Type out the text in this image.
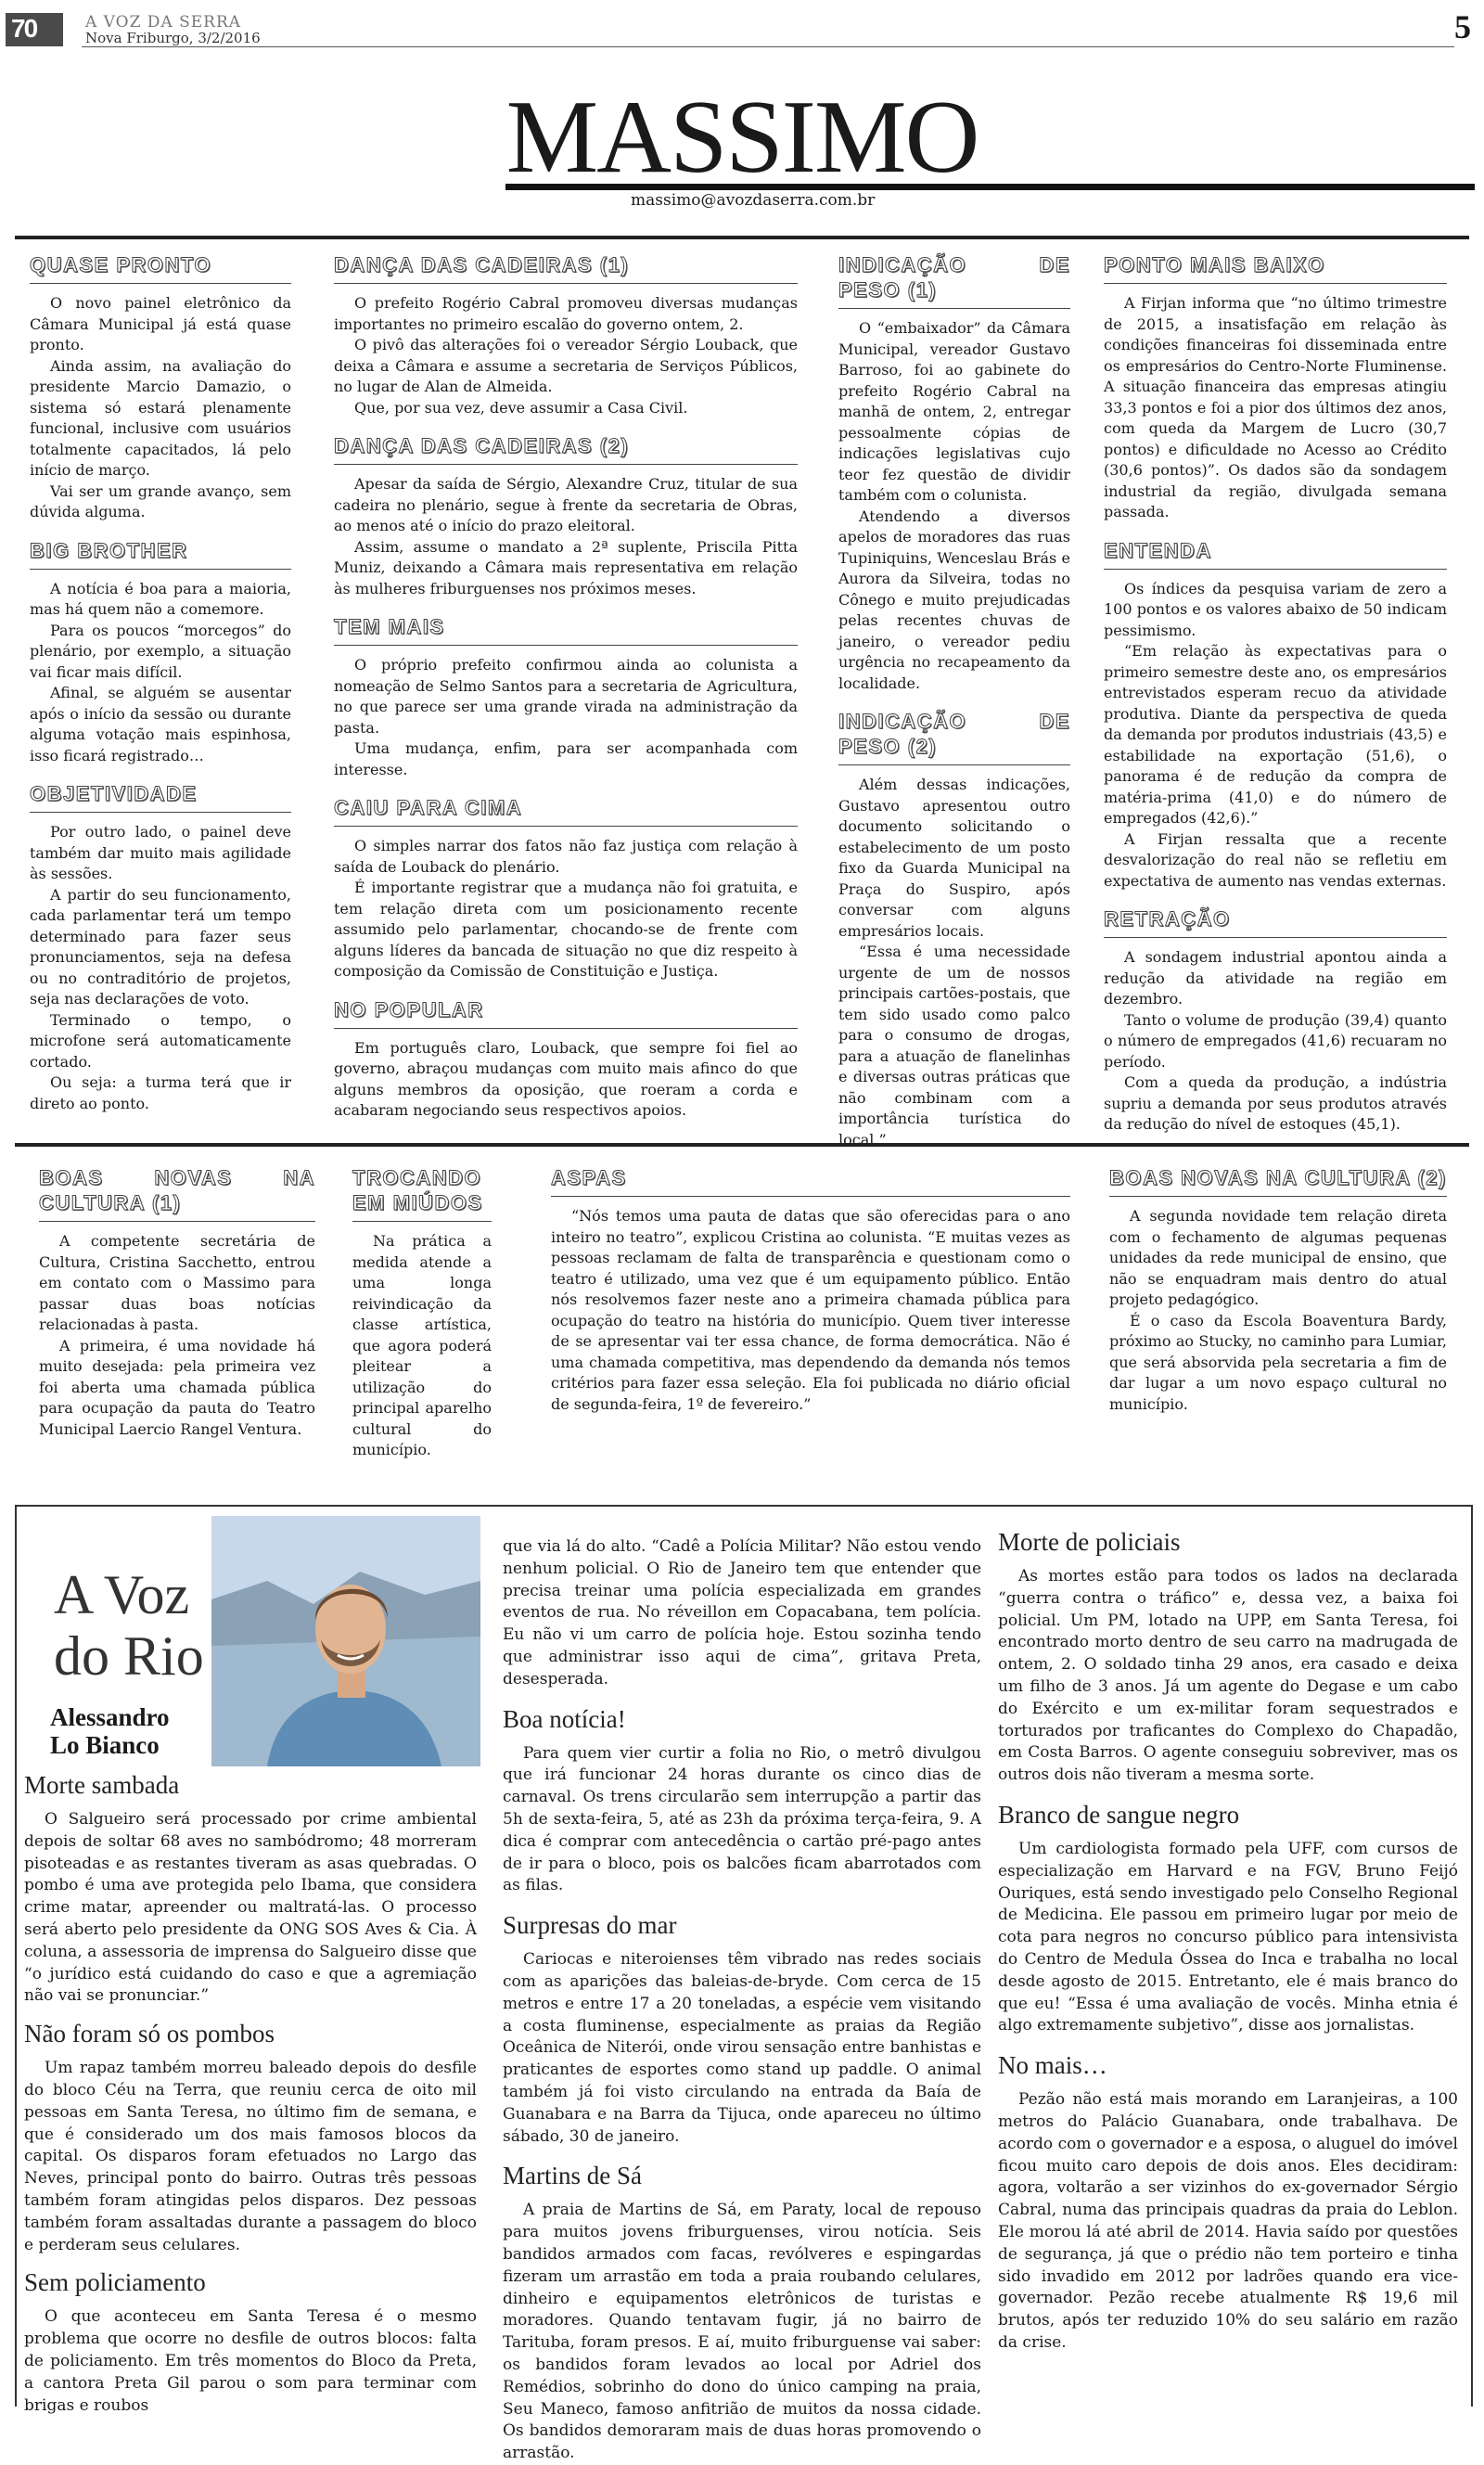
70	A VOZ DA SERRA
Nova Friburgo, 3/2/2016	5
MASSIMO
massimo@avozdaserra.com.br
QUASE PRONTO

O novo painel eletrônico da Câmara Municipal já está quase pronto.

Ainda assim, na avaliação do presidente Marcio Damazio, o sistema só estará plenamente funcional, inclusive com usuários totalmente capacitados, lá pelo início de março.

Vai ser um grande avanço, sem dúvida alguma.

BIG BROTHER

A notícia é boa para a maioria, mas há quem não a comemore.

Para os poucos “morcegos” do plenário, por exemplo, a situação vai ficar mais difícil.

Afinal, se alguém se ausentar após o início da sessão ou durante alguma votação mais espinhosa, isso ficará registrado…

OBJETIVIDADE

Por outro lado, o painel deve também dar muito mais agilidade às sessões.

A partir do seu funcionamento, cada parlamentar terá um tempo determinado para fazer seus pronunciamentos, seja na defesa ou no contraditório de projetos, seja nas declarações de voto.

Terminado o tempo, o microfone será automaticamente cortado.

Ou seja: a turma terá que ir direto ao ponto.

DANÇA DAS CADEIRAS (1)

O prefeito Rogério Cabral promoveu diversas mudanças importantes no primeiro escalão do governo ontem, 2.

O pivô das alterações foi o vereador Sérgio Louback, que deixa a Câmara e assume a secretaria de Serviços Públicos, no lugar de Alan de Almeida.

Que, por sua vez, deve assumir a Casa Civil.

DANÇA DAS CADEIRAS (2)

Apesar da saída de Sérgio, Alexandre Cruz, titular de sua cadeira no plenário, segue à frente da secretaria de Obras, ao menos até o início do prazo eleitoral.

Assim, assume o mandato a 2ª suplente, Priscila Pitta Muniz, deixando a Câmara mais representativa em relação às mulheres friburguenses nos próximos meses.

TEM MAIS

O próprio prefeito confirmou ainda ao colunista a nomeação de Selmo Santos para a secretaria de Agricultura, no que parece ser uma grande virada na administração da pasta.

Uma mudança, enfim, para ser acompanhada com interesse.

CAIU PARA CIMA

O simples narrar dos fatos não faz justiça com relação à saída de Louback do plenário.

É importante registrar que a mudança não foi gratuita, e tem relação direta com um posicionamento recente assumido pelo parlamentar, chocando-se de frente com alguns líderes da bancada de situação no que diz respeito à composição da Comissão de Constituição e Justiça.

NO POPULAR

Em português claro, Louback, que sempre foi fiel ao governo, abraçou mudanças com muito mais afinco do que alguns membros da oposição, que roeram a corda e acabaram negociando seus respectivos apoios.

INDICAÇÃO DE PESO (1)

O “embaixador” da Câmara Municipal, vereador Gustavo Barroso, foi ao gabinete do prefeito Rogério Cabral na manhã de ontem, 2, entregar pessoalmente cópias de indicações legislativas cujo teor fez questão de dividir também com o colunista.

Atendendo a diversos apelos de moradores das ruas Tupiniquins, Wenceslau Brás e Aurora da Silveira, todas no Cônego e muito prejudicadas pelas recentes chuvas de janeiro, o vereador pediu urgência no recapeamento da localidade.

INDICAÇÃO DE PESO (2)

Além dessas indicações, Gustavo apresentou outro documento solicitando o estabelecimento de um posto fixo da Guarda Municipal na Praça do Suspiro, após conversar com alguns empresários locais.

“Essa é uma necessidade urgente de um de nossos principais cartões-postais, que tem sido usado como palco para o consumo de drogas, para a atuação de flanelinhas e diversas outras práticas que não combinam com a importância turística do local.”

PONTO MAIS BAIXO

A Firjan informa que “no último trimestre de 2015, a insatisfação em relação às condições financeiras foi disseminada entre os empresários do Centro-Norte Fluminense. A situação financeira das empresas atingiu 33,3 pontos e foi a pior dos últimos dez anos, com queda da Margem de Lucro (30,7 pontos) e dificuldade no Acesso ao Crédito (30,6 pontos)”. Os dados são da sondagem industrial da região, divulgada semana passada.

ENTENDA

Os índices da pesquisa variam de zero a 100 pontos e os valores abaixo de 50 indicam pessimismo.

“Em relação às expectativas para o primeiro semestre deste ano, os empresários entrevistados esperam recuo da atividade produtiva. Diante da perspectiva de queda da demanda por produtos industriais (43,5) e estabilidade na exportação (51,6), o panorama é de redução da compra de matéria-prima (41,0) e do número de empregados (42,6).”

A Firjan ressalta que a recente desvalorização do real não se refletiu em expectativa de aumento nas vendas externas.

RETRAÇÃO

A sondagem industrial apontou ainda a redução da atividade na região em dezembro.

Tanto o volume de produção (39,4) quanto o número de empregados (41,6) recuaram no período.

Com a queda da produção, a indústria supriu a demanda por seus produtos através da redução do nível de estoques (45,1).

BOAS NOVAS NA CULTURA (1)

A competente secretária de Cultura, Cristina Sacchetto, entrou em contato com o Massimo para passar duas boas notícias relacionadas à pasta.

A primeira, é uma novidade há muito desejada: pela primeira vez foi aberta uma chamada pública para ocupação da pauta do Teatro Municipal Laercio Rangel Ventura.

TROCANDO EM MIÚDOS

Na prática a medida atende a uma longa reivindicação da classe artística, que agora poderá pleitear a utilização do principal aparelho cultural do município.

ASPAS

“Nós temos uma pauta de datas que são oferecidas para o ano inteiro no teatro”, explicou Cristina ao colunista. “E muitas vezes as pessoas reclamam de falta de transparência e questionam como o teatro é utilizado, uma vez que é um equipamento público. Então nós resolvemos fazer neste ano a primeira chamada pública para ocupação do teatro na história do município. Quem tiver interesse de se apresentar vai ter essa chance, de forma democrática. Não é uma chamada competitiva, mas dependendo da demanda nós temos critérios para fazer essa seleção. Ela foi publicada no diário oficial de segunda-feira, 1º de fevereiro.”

BOAS NOVAS NA CULTURA (2)

A segunda novidade tem relação direta com o fechamento de algumas pequenas unidades da rede municipal de ensino, que não se enquadram mais dentro do atual projeto pedagógico.

É o caso da Escola Boaventura Bardy, próximo ao Stucky, no caminho para Lumiar, que será absorvida pela secretaria a fim de dar lugar a um novo espaço cultural no município.

A Voz
do Rio
Alessandro
Lo Bianco
Morte sambada

O Salgueiro será processado por crime ambiental depois de soltar 68 aves no sambódromo; 48 morreram pisoteadas e as restantes tiveram as asas quebradas. O pombo é uma ave protegida pelo Ibama, que considera crime matar, apreender ou maltratá-las. O processo será aberto pelo presidente da ONG SOS Aves & Cia. À coluna, a assessoria de imprensa do Salgueiro disse que “o jurídico está cuidando do caso e que a agremiação não vai se pronunciar.”

Não foram só os pombos

Um rapaz também morreu baleado depois do desfile do bloco Céu na Terra, que reuniu cerca de oito mil pessoas em Santa Teresa, no último fim de semana, e que é considerado um dos mais famosos blocos da capital. Os disparos foram efetuados no Largo das Neves, principal ponto do bairro. Outras três pessoas também foram atingidas pelos disparos. Dez pessoas também foram assaltadas durante a passagem do bloco e perderam seus celulares.

Sem policiamento

O que aconteceu em Santa Teresa é o mesmo problema que ocorre no desfile de outros blocos: falta de policiamento. Em três momentos do Bloco da Preta, a cantora Preta Gil parou o som para terminar com brigas e roubos

que via lá do alto. “Cadê a Polícia Militar? Não estou vendo nenhum policial. O Rio de Janeiro tem que entender que precisa treinar uma polícia especializada em grandes eventos de rua. No réveillon em Copacabana, tem polícia. Eu não vi um carro de polícia hoje. Estou sozinha tendo que administrar isso aqui de cima”, gritava Preta, desesperada.

Boa notícia!

Para quem vier curtir a folia no Rio, o metrô divulgou que irá funcionar 24 horas durante os cinco dias de carnaval. Os trens circularão sem interrupção a partir das 5h de sexta-feira, 5, até as 23h da próxima terça-feira, 9. A dica é comprar com antecedência o cartão pré-pago antes de ir para o bloco, pois os balcões ficam abarrotados com as filas.

Surpresas do mar

Cariocas e niteroienses têm vibrado nas redes sociais com as aparições das baleias-de-bryde. Com cerca de 15 metros e entre 17 a 20 toneladas, a espécie vem visitando a costa fluminense, especialmente as praias da Região Oceânica de Niterói, onde virou sensação entre banhistas e praticantes de esportes como stand up paddle. O animal também já foi visto circulando na entrada da Baía de Guanabara e na Barra da Tijuca, onde apareceu no último sábado, 30 de janeiro.

Martins de Sá

A praia de Martins de Sá, em Paraty, local de repouso para muitos jovens friburguenses, virou notícia. Seis bandidos armados com facas, revólveres e espingardas fizeram um arrastão em toda a praia roubando celulares, dinheiro e equipamentos eletrônicos de turistas e moradores. Quando tentavam fugir, já no bairro de Tarituba, foram presos. E aí, muito friburguense vai saber: os bandidos foram levados ao local por Adriel dos Remédios, sobrinho do dono do único camping na praia, Seu Maneco, famoso anfitrião de muitos da nossa cidade. Os bandidos demoraram mais de duas horas promovendo o arrastão.

Morte de policiais

As mortes estão para todos os lados na declarada “guerra contra o tráfico” e, dessa vez, a baixa foi policial. Um PM, lotado na UPP, em Santa Teresa, foi encontrado morto dentro de seu carro na madrugada de ontem, 2. O soldado tinha 29 anos, era casado e deixa um filho de 3 anos. Já um agente do Degase e um cabo do Exército e um ex-militar foram sequestrados e torturados por traficantes do Complexo do Chapadão, em Costa Barros. O agente conseguiu sobreviver, mas os outros dois não tiveram a mesma sorte.

Branco de sangue negro

Um cardiologista formado pela UFF, com cursos de especialização em Harvard e na FGV, Bruno Feijó Ouriques, está sendo investigado pelo Conselho Regional de Medicina. Ele passou em primeiro lugar por meio de cota para negros no concurso público para intensivista do Centro de Medula Óssea do Inca e trabalha no local desde agosto de 2015. Entretanto, ele é mais branco do que eu! “Essa é uma avaliação de vocês. Minha etnia é algo extremamente subjetivo”, disse aos jornalistas.

No mais…

Pezão não está mais morando em Laranjeiras, a 100 metros do Palácio Guanabara, onde trabalhava. De acordo com o governador e a esposa, o aluguel do imóvel ficou muito caro depois de dois anos. Eles decidiram: agora, voltarão a ser vizinhos do ex-governador Sérgio Cabral, numa das principais quadras da praia do Leblon. Ele morou lá até abril de 2014. Havia saído por questões de segurança, já que o prédio não tem porteiro e tinha sido invadido em 2012 por ladrões quando era vice-governador. Pezão recebe atualmente R$ 19,6 mil brutos, após ter reduzido 10% do seu salário em razão da crise.
